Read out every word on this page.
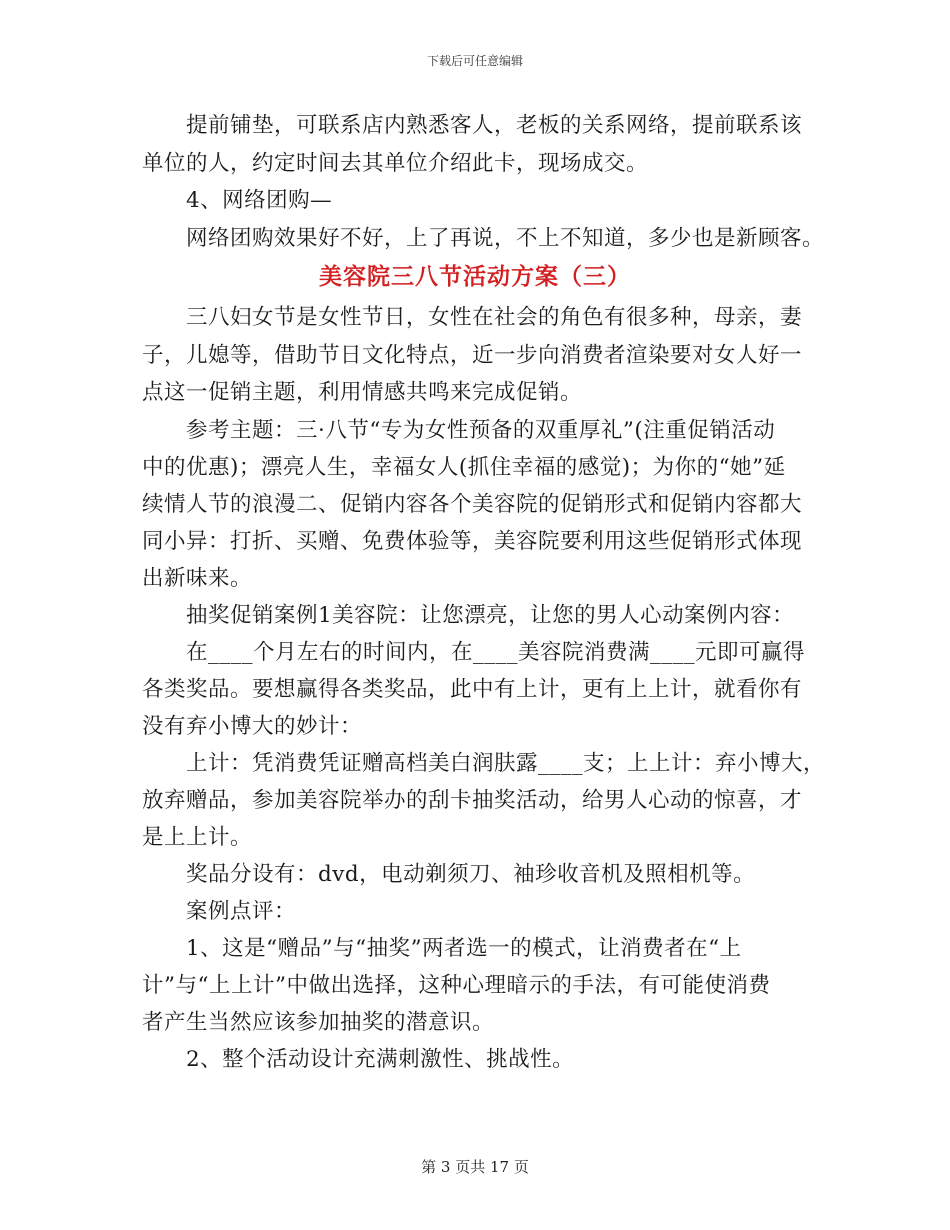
下载后可任意编辑
提前铺垫，可联系店内熟悉客人，老板的关系网络，提前联系该
单位的人，约定时间去其单位介绍此卡，现场成交。
4、网络团购—
网络团购效果好不好，上了再说，不上不知道，多少也是新顾客。
美容院三八节活动方案（三）
三八妇女节是女性节日，女性在社会的角色有很多种，母亲，妻
子，儿媳等，借助节日文化特点，近一步向消费者渲染要对女人好一
点这一促销主题，利用情感共鸣来完成促销。
参考主题：三·八节“专为女性预备的双重厚礼”(注重促销活动
中的优惠)；漂亮人生，幸福女人(抓住幸福的感觉)；为你的“她”延
续情人节的浪漫二、促销内容各个美容院的促销形式和促销内容都大
同小异：打折、买赠、免费体验等，美容院要利用这些促销形式体现
出新味来。
抽奖促销案例1美容院：让您漂亮，让您的男人心动案例内容：
在____个月左右的时间内，在____美容院消费满____元即可赢得
各类奖品。要想赢得各类奖品，此中有上计，更有上上计，就看你有
没有弃小博大的妙计：
上计：凭消费凭证赠高档美白润肤露____支；上上计：弃小博大，
放弃赠品，参加美容院举办的刮卡抽奖活动，给男人心动的惊喜，才
是上上计。
奖品分设有：dvd，电动剃须刀、袖珍收音机及照相机等。
案例点评：
1、这是“赠品”与“抽奖”两者选一的模式，让消费者在“上
计”与“上上计”中做出选择，这种心理暗示的手法，有可能使消费
者产生当然应该参加抽奖的潜意识。
2、整个活动设计充满刺激性、挑战性。
第 3 页共 17 页
